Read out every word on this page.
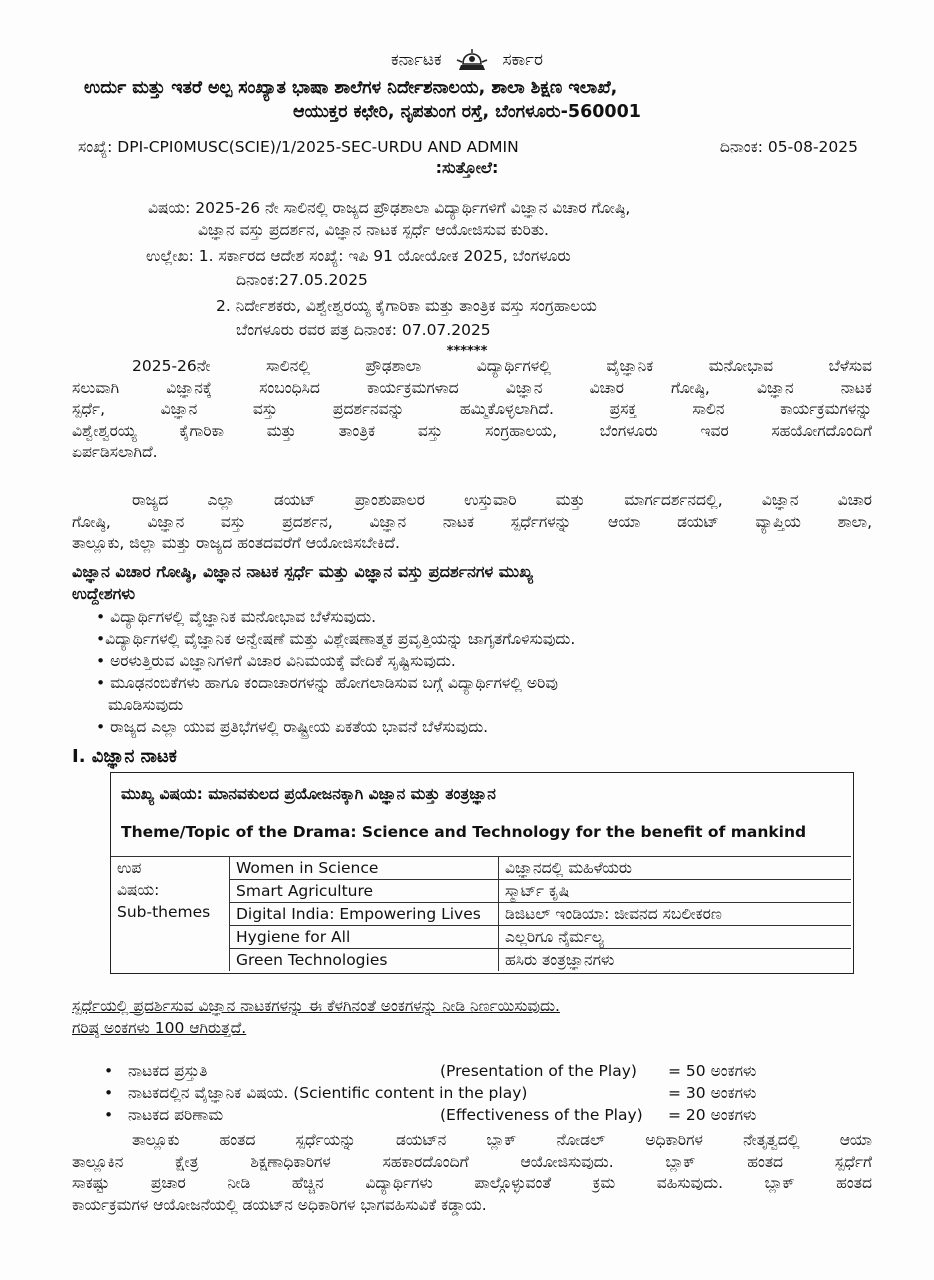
ಕರ್ನಾಟಕ	ಸರ್ಕಾರ
ಉರ್ದು ಮತ್ತು ಇತರೆ ಅಲ್ಪ ಸಂಖ್ಯಾತ ಭಾಷಾ ಶಾಲೆಗಳ ನಿರ್ದೇಶನಾಲಯ, ಶಾಲಾ ಶಿಕ್ಷಣ ಇಲಾಖೆ,
ಆಯುಕ್ತರ ಕಛೇರಿ, ನೃಪತುಂಗ ರಸ್ತೆ, ಬೆಂಗಳೂರು-560001
ಸಂಖ್ಯೆ: DPI-CPI0MUSC(SCIE)/1/2025-SEC-URDU AND ADMIN	ದಿನಾಂಕ: 05-08-2025
:ಸುತ್ತೋಲೆ:
ವಿಷಯ: 2025-26 ನೇ ಸಾಲಿನಲ್ಲಿ ರಾಜ್ಯದ ಪ್ರೌಢಶಾಲಾ ವಿದ್ಯಾರ್ಥಿಗಳಿಗೆ ವಿಜ್ಞಾನ ವಿಚಾರ ಗೋಷ್ಠಿ,
ವಿಜ್ಞಾನ ವಸ್ತು ಪ್ರದರ್ಶನ, ವಿಜ್ಞಾನ ನಾಟಕ ಸ್ಪರ್ಧೆ ಆಯೋಜಿಸುವ ಕುರಿತು.
ಉಲ್ಲೇಖ: 1. ಸರ್ಕಾರದ ಆದೇಶ ಸಂಖ್ಯೆ: ಇಪಿ 91 ಯೋಯೋಕ 2025, ಬೆಂಗಳೂರು
ದಿನಾಂಕ:27.05.2025
2. ನಿರ್ದೇಶಕರು, ವಿಶ್ವೇಶ್ವರಯ್ಯ ಕೈಗಾರಿಕಾ ಮತ್ತು ತಾಂತ್ರಿಕ ವಸ್ತು ಸಂಗ್ರಹಾಲಯ
ಬೆಂಗಳೂರು ರವರ ಪತ್ರ ದಿನಾಂಕ: 07.07.2025
******
2025-26ನೇ ಸಾಲಿನಲ್ಲಿ ಪ್ರೌಢಶಾಲಾ ವಿದ್ಯಾರ್ಥಿಗಳಲ್ಲಿ ವೈಜ್ಞಾನಿಕ ಮನೋಭಾವ ಬೆಳೆಸುವ
ಸಲುವಾಗಿ ವಿಜ್ಞಾನಕ್ಕೆ ಸಂಬಂಧಿಸಿದ ಕಾರ್ಯಕ್ರಮಗಳಾದ ವಿಜ್ಞಾನ ವಿಚಾರ ಗೋಷ್ಠಿ, ವಿಜ್ಞಾನ ನಾಟಕ
ಸ್ಪರ್ಧೆ, ವಿಜ್ಞಾನ ವಸ್ತು ಪ್ರದರ್ಶನವನ್ನು ಹಮ್ಮಿಕೊಳ್ಳಲಾಗಿದೆ. ಪ್ರಸಕ್ತ ಸಾಲಿನ ಕಾರ್ಯಕ್ರಮಗಳನ್ನು
ವಿಶ್ವೇಶ್ವರಯ್ಯ ಕೈಗಾರಿಕಾ ಮತ್ತು ತಾಂತ್ರಿಕ ವಸ್ತು ಸಂಗ್ರಹಾಲಯ, ಬೆಂಗಳೂರು ಇವರ ಸಹಯೋಗದೊಂದಿಗೆ
ಏರ್ಪಡಿಸಲಾಗಿದೆ.
ರಾಜ್ಯದ ಎಲ್ಲಾ ಡಯಟ್ ಪ್ರಾಂಶುಪಾಲರ ಉಸ್ತುವಾರಿ ಮತ್ತು ಮಾರ್ಗದರ್ಶನದಲ್ಲಿ, ವಿಜ್ಞಾನ ವಿಚಾರ
ಗೋಷ್ಠಿ, ವಿಜ್ಞಾನ ವಸ್ತು ಪ್ರದರ್ಶನ, ವಿಜ್ಞಾನ ನಾಟಕ ಸ್ಪರ್ಧೆಗಳನ್ನು ಆಯಾ ಡಯಟ್ ವ್ಯಾಪ್ತಿಯ ಶಾಲಾ,
ತಾಲ್ಲೂಕು, ಜಿಲ್ಲಾ ಮತ್ತು ರಾಜ್ಯದ ಹಂತದವರೆಗೆ ಆಯೋಜಿಸಬೇಕಿದೆ.
ವಿಜ್ಞಾನ ವಿಚಾರ ಗೋಷ್ಠಿ, ವಿಜ್ಞಾನ ನಾಟಕ ಸ್ಪರ್ಧೆ ಮತ್ತು ವಿಜ್ಞಾನ ವಸ್ತು ಪ್ರದರ್ಶನಗಳ ಮುಖ್ಯ
ಉದ್ದೇಶಗಳು
• ವಿದ್ಯಾರ್ಥಿಗಳಲ್ಲಿ ವೈಜ್ಞಾನಿಕ ಮನೋಭಾವ ಬೆಳೆಸುವುದು.
•ವಿದ್ಯಾರ್ಥಿಗಳಲ್ಲಿ ವೈಜ್ಞಾನಿಕ ಅನ್ವೇಷಣೆ ಮತ್ತು ವಿಶ್ಲೇಷಣಾತ್ಮಕ ಪ್ರವೃತ್ತಿಯನ್ನು ಜಾಗೃತಗೊಳಿಸುವುದು.
• ಅರಳುತ್ತಿರುವ ವಿಜ್ಞಾನಿಗಳಿಗೆ ವಿಚಾರ ವಿನಿಮಯಕ್ಕೆ ವೇದಿಕೆ ಸೃಷ್ಟಿಸುವುದು.
• ಮೂಢನಂಬಿಕೆಗಳು ಹಾಗೂ ಕಂದಾಚಾರಗಳನ್ನು ಹೋಗಲಾಡಿಸುವ ಬಗ್ಗೆ ವಿದ್ಯಾರ್ಥಿಗಳಲ್ಲಿ ಅರಿವು
ಮೂಡಿಸುವುದು
• ರಾಜ್ಯದ ಎಲ್ಲಾ ಯುವ ಪ್ರತಿಭೆಗಳಲ್ಲಿ ರಾಷ್ಟ್ರೀಯ ಏಕತೆಯ ಭಾವನೆ ಬೆಳೆಸುವುದು.
I. ವಿಜ್ಞಾನ ನಾಟಕ
ಮುಖ್ಯ ವಿಷಯ: ಮಾನವಕುಲದ ಪ್ರಯೋಜನಕ್ಕಾಗಿ ವಿಜ್ಞಾನ ಮತ್ತು ತಂತ್ರಜ್ಞಾನ
Theme/Topic of the Drama: Science and Technology for the benefit of mankind
ಉಪ
ವಿಷಯ:
Sub-themes	Women in Science	ವಿಜ್ಞಾನದಲ್ಲಿ ಮಹಿಳೆಯರು
	Smart Agriculture	ಸ್ಮಾರ್ಟ್ ಕೃಷಿ
	Digital India: Empowering Lives	ಡಿಜಿಟಲ್ ಇಂಡಿಯಾ: ಜೀವನದ ಸಬಲೀಕರಣ
	Hygiene for All	ಎಲ್ಲರಿಗೂ ನೈರ್ಮಲ್ಯ
	Green Technologies	ಹಸಿರು ತಂತ್ರಜ್ಞಾನಗಳು
ಸ್ಪರ್ಧೆಯಲ್ಲಿ ಪ್ರದರ್ಶಿಸುವ ವಿಜ್ಞಾನ ನಾಟಕಗಳನ್ನು ಈ ಕೆಳಗಿನಂತೆ ಅಂಕಗಳನ್ನು ನೀಡಿ ನಿರ್ಣಯಿಸುವುದು.
ಗರಿಷ್ಠ ಅಂಕಗಳು 100 ಆಗಿರುತ್ತದೆ.
• ನಾಟಕದ ಪ್ರಸ್ತುತಿ	(Presentation of the Play) = 50 ಅಂಕಗಳು
• ನಾಟಕದಲ್ಲಿನ ವೈಜ್ಞಾನಿಕ ವಿಷಯ. (Scientific content in the play)	= 30 ಅಂಕಗಳು
• ನಾಟಕದ ಪರಿಣಾಮ	(Effectiveness of the Play) = 20 ಅಂಕಗಳು
ತಾಲ್ಲೂಕು ಹಂತದ ಸ್ಪರ್ಧೆಯನ್ನು ಡಯಟ್‌ನ ಬ್ಲಾಕ್ ನೋಡಲ್ ಅಧಿಕಾರಿಗಳ ನೇತೃತ್ವದಲ್ಲಿ ಆಯಾ
ತಾಲ್ಲೂಕಿನ ಕ್ಷೇತ್ರ ಶಿಕ್ಷಣಾಧಿಕಾರಿಗಳ ಸಹಕಾರದೊಂದಿಗೆ ಆಯೋಜಿಸುವುದು. ಬ್ಲಾಕ್ ಹಂತದ ಸ್ಪರ್ಧೆಗೆ
ಸಾಕಷ್ಟು ಪ್ರಚಾರ ನೀಡಿ ಹೆಚ್ಚಿನ ವಿದ್ಯಾರ್ಥಿಗಳು ಪಾಲ್ಗೊಳ್ಳುವಂತೆ ಕ್ರಮ ವಹಿಸುವುದು. ಬ್ಲಾಕ್ ಹಂತದ
ಕಾರ್ಯಕ್ರಮಗಳ ಆಯೋಜನೆಯಲ್ಲಿ ಡಯಟ್‌ನ ಅಧಿಕಾರಿಗಳ ಭಾಗವಹಿಸುವಿಕೆ ಕಡ್ಡಾಯ.
